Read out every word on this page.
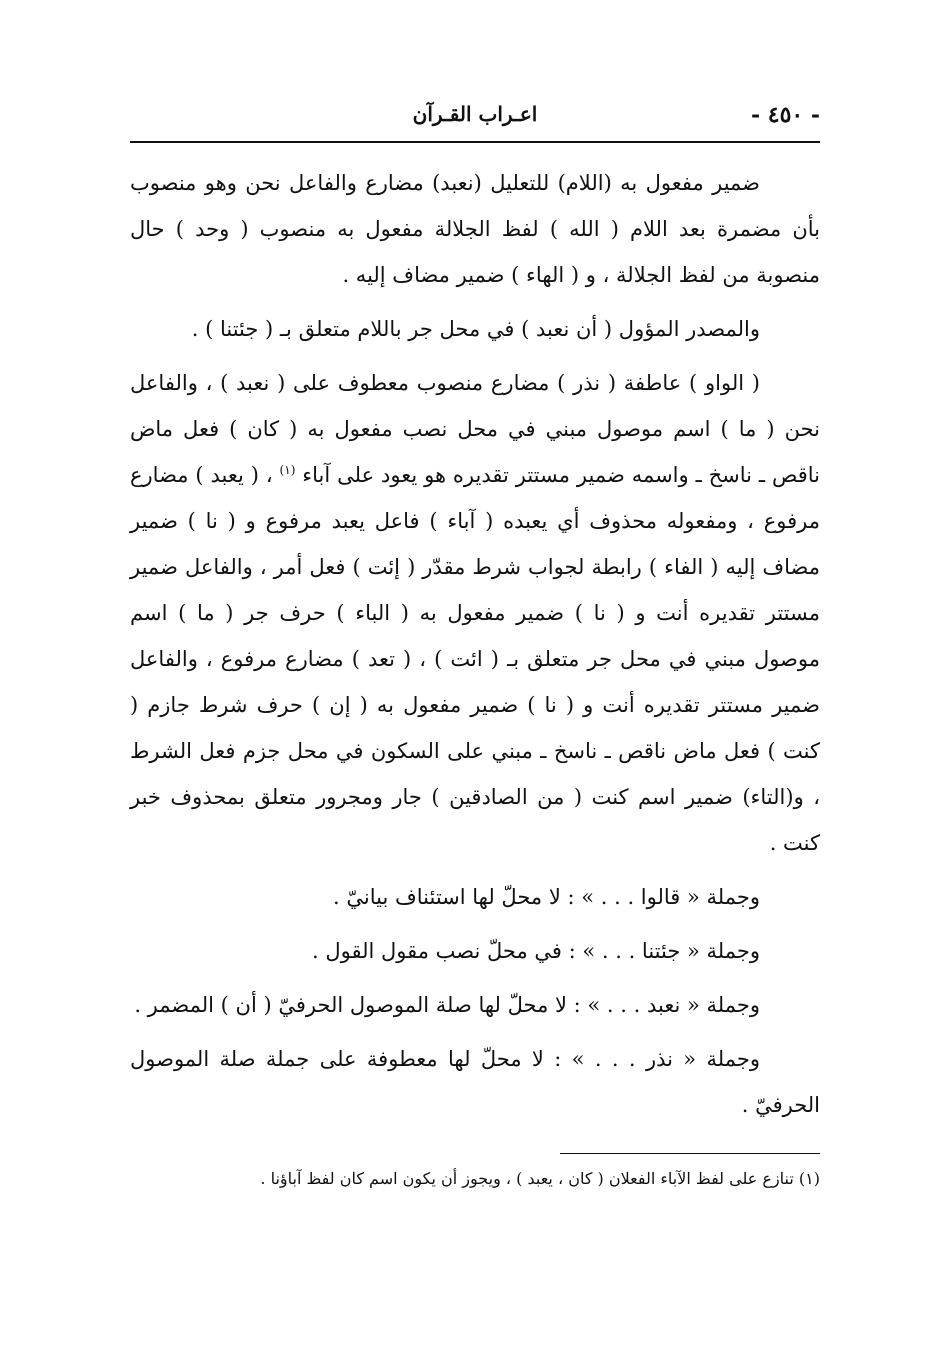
- ٤٥٠ -
اعـراب القـرآن

ضمير مفعول به (اللام) للتعليل (نعبد) مضارع والفاعل نحن وهو منصوب بأن مضمرة بعد اللام ( الله ) لفظ الجلالة مفعول به منصوب ( وحد ) حال منصوبة من لفظ الجلالة ، و ( الهاء ) ضمير مضاف إليه .

والمصدر المؤول ( أن نعبد ) في محل جر باللام متعلق بـ ( جئتنا ) .

( الواو ) عاطفة ( نذر ) مضارع منصوب معطوف على ( نعبد ) ، والفاعل نحن ( ما ) اسم موصول مبني في محل نصب مفعول به ( كان ) فعل ماض ناقص ـ ناسخ ـ واسمه ضمير مستتر تقديره هو يعود على آباء $^{(١)}$ ، ( يعبد ) مضارع مرفوع ، ومفعوله محذوف أي يعبده ( آباء ) فاعل يعبد مرفوع و ( نا ) ضمير مضاف إليه ( الفاء ) رابطة لجواب شرط مقدّر ( إئت ) فعل أمر ، والفاعل ضمير مستتر تقديره أنت و ( نا ) ضمير مفعول به ( الباء ) حرف جر ( ما ) اسم موصول مبني في محل جر متعلق بـ ( ائت ) ، ( تعد ) مضارع مرفوع ، والفاعل ضمير مستتر تقديره أنت و ( نا ) ضمير مفعول به ( إن ) حرف شرط جازم ( كنت ) فعل ماض ناقص ـ ناسخ ـ مبني على السكون في محل جزم فعل الشرط ، و(التاء) ضمير اسم كنت ( من الصادقين ) جار ومجرور متعلق بمحذوف خبر كنت .

وجملة « قالوا . . . » : لا محلّ لها استئناف بيانيّ .

وجملة « جئتنا . . . » : في محلّ نصب مقول القول .

وجملة « نعبد . . . » : لا محلّ لها صلة الموصول الحرفيّ ( أن ) المضمر .

وجملة « نذر . . . » : لا محلّ لها معطوفة على جملة صلة الموصول الحرفيّ .

(١) تنازع على لفظ الآباء الفعلان ( كان ، يعبد ) ، ويجوز أن يكون اسم كان لفظ آباؤنا .
